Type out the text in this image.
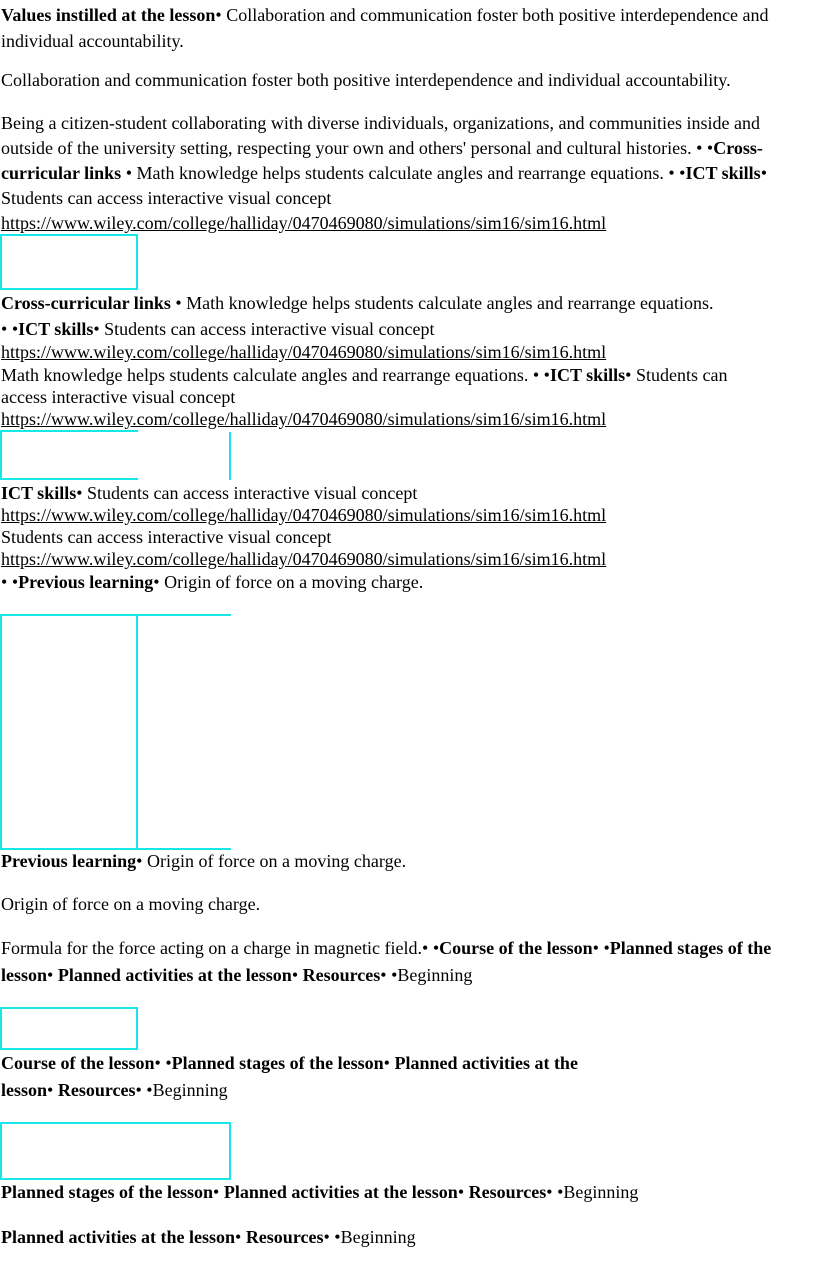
Values instilled at the lesson• Collaboration and communication foster both positive interdependence and individual accountability.
Collaboration and communication foster both positive interdependence and individual accountability.
Being a citizen-student collaborating with diverse individuals, organizations, and communities inside and outside of the university setting, respecting your own and others' personal and cultural histories. • •Cross-curricular links • Math knowledge helps students calculate angles and rearrange equations. • •ICT skills• Students can access interactive visual concept
https://www.wiley.com/college/halliday/0470469080/simulations/sim16/sim16.html
Cross-curricular links • Math knowledge helps students calculate angles and rearrange equations.
• •ICT skills• Students can access interactive visual concept
https://www.wiley.com/college/halliday/0470469080/simulations/sim16/sim16.html
Math knowledge helps students calculate angles and rearrange equations. • •ICT skills• Students can
access interactive visual concept
https://www.wiley.com/college/halliday/0470469080/simulations/sim16/sim16.html
ICT skills• Students can access interactive visual concept
https://www.wiley.com/college/halliday/0470469080/simulations/sim16/sim16.html
Students can access interactive visual concept
https://www.wiley.com/college/halliday/0470469080/simulations/sim16/sim16.html
• •Previous learning• Origin of force on a moving charge.
Previous learning• Origin of force on a moving charge.
Origin of force on a moving charge.
Formula for the force acting on a charge in magnetic field.• •Course of the lesson• •Planned stages of the lesson• Planned activities at the lesson• Resources• •Beginning
Course of the lesson• •Planned stages of the lesson• Planned activities at the
lesson• Resources• •Beginning
Planned stages of the lesson• Planned activities at the lesson• Resources• •Beginning
Planned activities at the lesson• Resources• •Beginning
